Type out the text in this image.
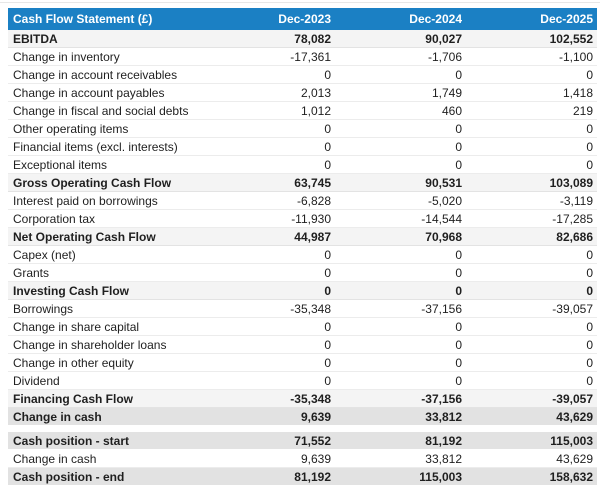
Cash Flow Statement (£)	Dec-2023	Dec-2024	Dec-2025
EBITDA	78,082	90,027	102,552
Change in inventory	-17,361	-1,706	-1,100
Change in account receivables	0	0	0
Change in account payables	2,013	1,749	1,418
Change in fiscal and social debts	1,012	460	219
Other operating items	0	0	0
Financial items (excl. interests)	0	0	0
Exceptional items	0	0	0
Gross Operating Cash Flow	63,745	90,531	103,089
Interest paid on borrowings	-6,828	-5,020	-3,119
Corporation tax	-11,930	-14,544	-17,285
Net Operating Cash Flow	44,987	70,968	82,686
Capex (net)	0	0	0
Grants	0	0	0
Investing Cash Flow	0	0	0
Borrowings	-35,348	-37,156	-39,057
Change in share capital	0	0	0
Change in shareholder loans	0	0	0
Change in other equity	0	0	0
Dividend	0	0	0
Financing Cash Flow	-35,348	-37,156	-39,057
Change in cash	9,639	33,812	43,629
Cash position - start	71,552	81,192	115,003
Change in cash	9,639	33,812	43,629
Cash position - end	81,192	115,003	158,632
